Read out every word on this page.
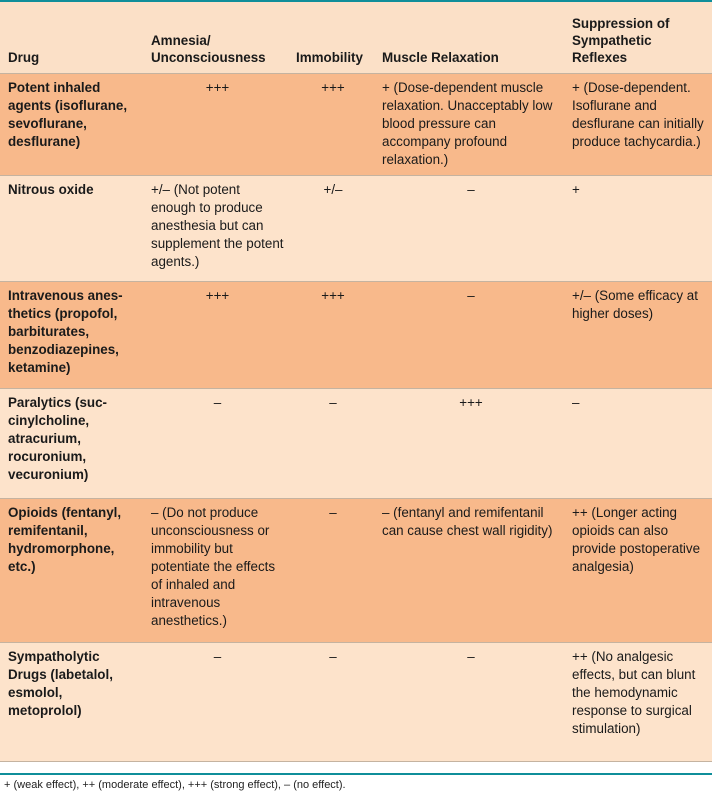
Drug	Amnesia/ Unconsciousness	Immobility	Muscle Relaxation	Suppression of Sympathetic Reflexes
Potent inhaled agents (isoflurane, sevoflurane, desflurane)	+++	+++	+ (Dose-dependent muscle relaxation. Unacceptably low blood pressure can accompany profound relaxation.)	+ (Dose-dependent. Isoflurane and desflurane can initially produce tachycardia.)
Nitrous oxide	+/– (Not potent enough to produce anesthesia but can supplement the potent agents.)	+/–	–	+
Intravenous anesthetics (propofol, barbiturates, benzodiazepines, ketamine)	+++	+++	–	+/– (Some efficacy at higher doses)
Paralytics (succinylcholine, atracurium, rocuronium, vecuronium)	–	–	+++	–
Opioids (fentanyl, remifentanil, hydromorphone, etc.)	– (Do not produce unconsciousness or immobility but potentiate the effects of inhaled and intravenous anesthetics.)	–	– (fentanyl and remifentanil can cause chest wall rigidity)	++ (Longer acting opioids can also provide postoperative analgesia)
Sympatholytic Drugs (labetalol, esmolol, metoprolol)	–	–	–	++ (No analgesic effects, but can blunt the hemodynamic response to surgical stimulation)
+ (weak effect), ++ (moderate effect), +++ (strong effect), – (no effect).
